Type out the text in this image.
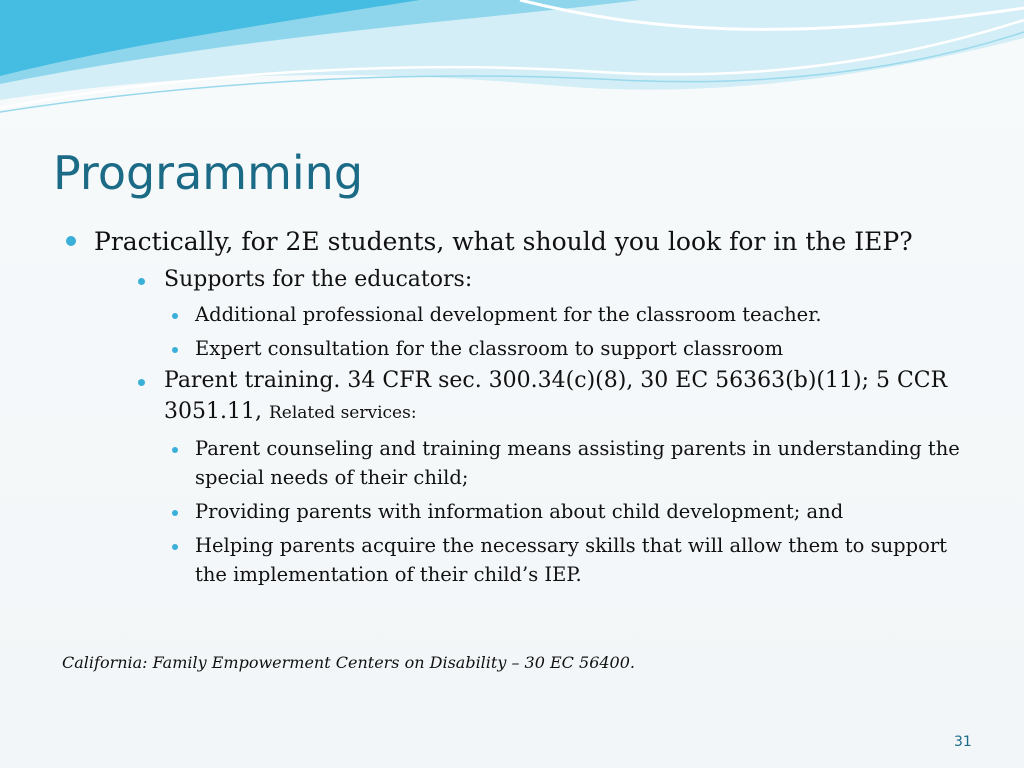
Programming
Practically, for 2E students, what should you look for in the IEP?
Supports for the educators:
Additional professional development for the classroom teacher.
Expert consultation for the classroom to support classroom
Parent training. 34 CFR sec. 300.34(c)(8), 30 EC 56363(b)(11); 5 CCR 3051.11, Related services:
Parent counseling and training means assisting parents in understanding the special needs of their child;
Providing parents with information about child development; and
Helping parents acquire the necessary skills that will allow them to support the implementation of their child’s IEP.

California: Family Empowerment Centers on Disability – 30 EC 56400.

31
